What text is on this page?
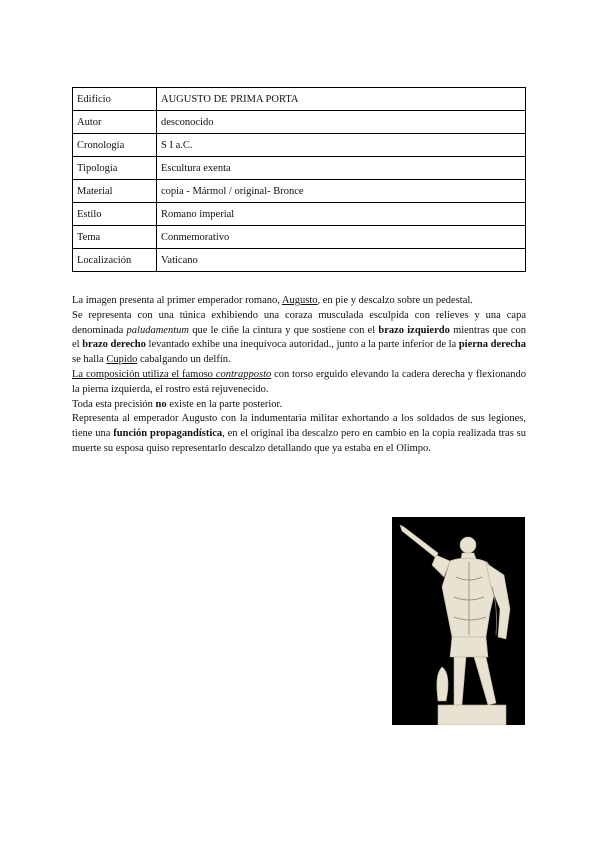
Edificio	AUGUSTO DE PRIMA PORTA
Autor	desconocido
Cronología	S I a.C.
Tipología	Escultura exenta
Material	copia - Mármol / original- Bronce
Estilo	Romano imperial
Tema	Conmemorativo
Localización	Vaticano

La imagen presenta al primer emperador romano, Augusto, en pie y descalzo sobre un pedestal.

Se representa con una túnica exhibiendo una coraza musculada esculpida con relieves y una capa denominada paludamentum que le ciñe la cintura y que sostiene con el brazo izquierdo mientras que con el brazo derecho levantado exhibe una inequívoca autoridad., junto a la parte inferior de la pierna derecha se halla Cupido cabalgando un delfín.

La composición utiliza el famoso contrapposto con torso erguido elevando la cadera derecha y flexionando la pierna izquierda, el rostro está rejuvenecido.

Toda esta precisión no existe en la parte posterior.

Representa al emperador Augusto con la indumentaria militar exhortando a los soldados de sus legiones, tiene una función propagandística, en el original iba descalzo pero en cambio en la copia realizada tras su muerte su esposa quiso representarlo descalzo detallando que ya estaba en el Olimpo.
